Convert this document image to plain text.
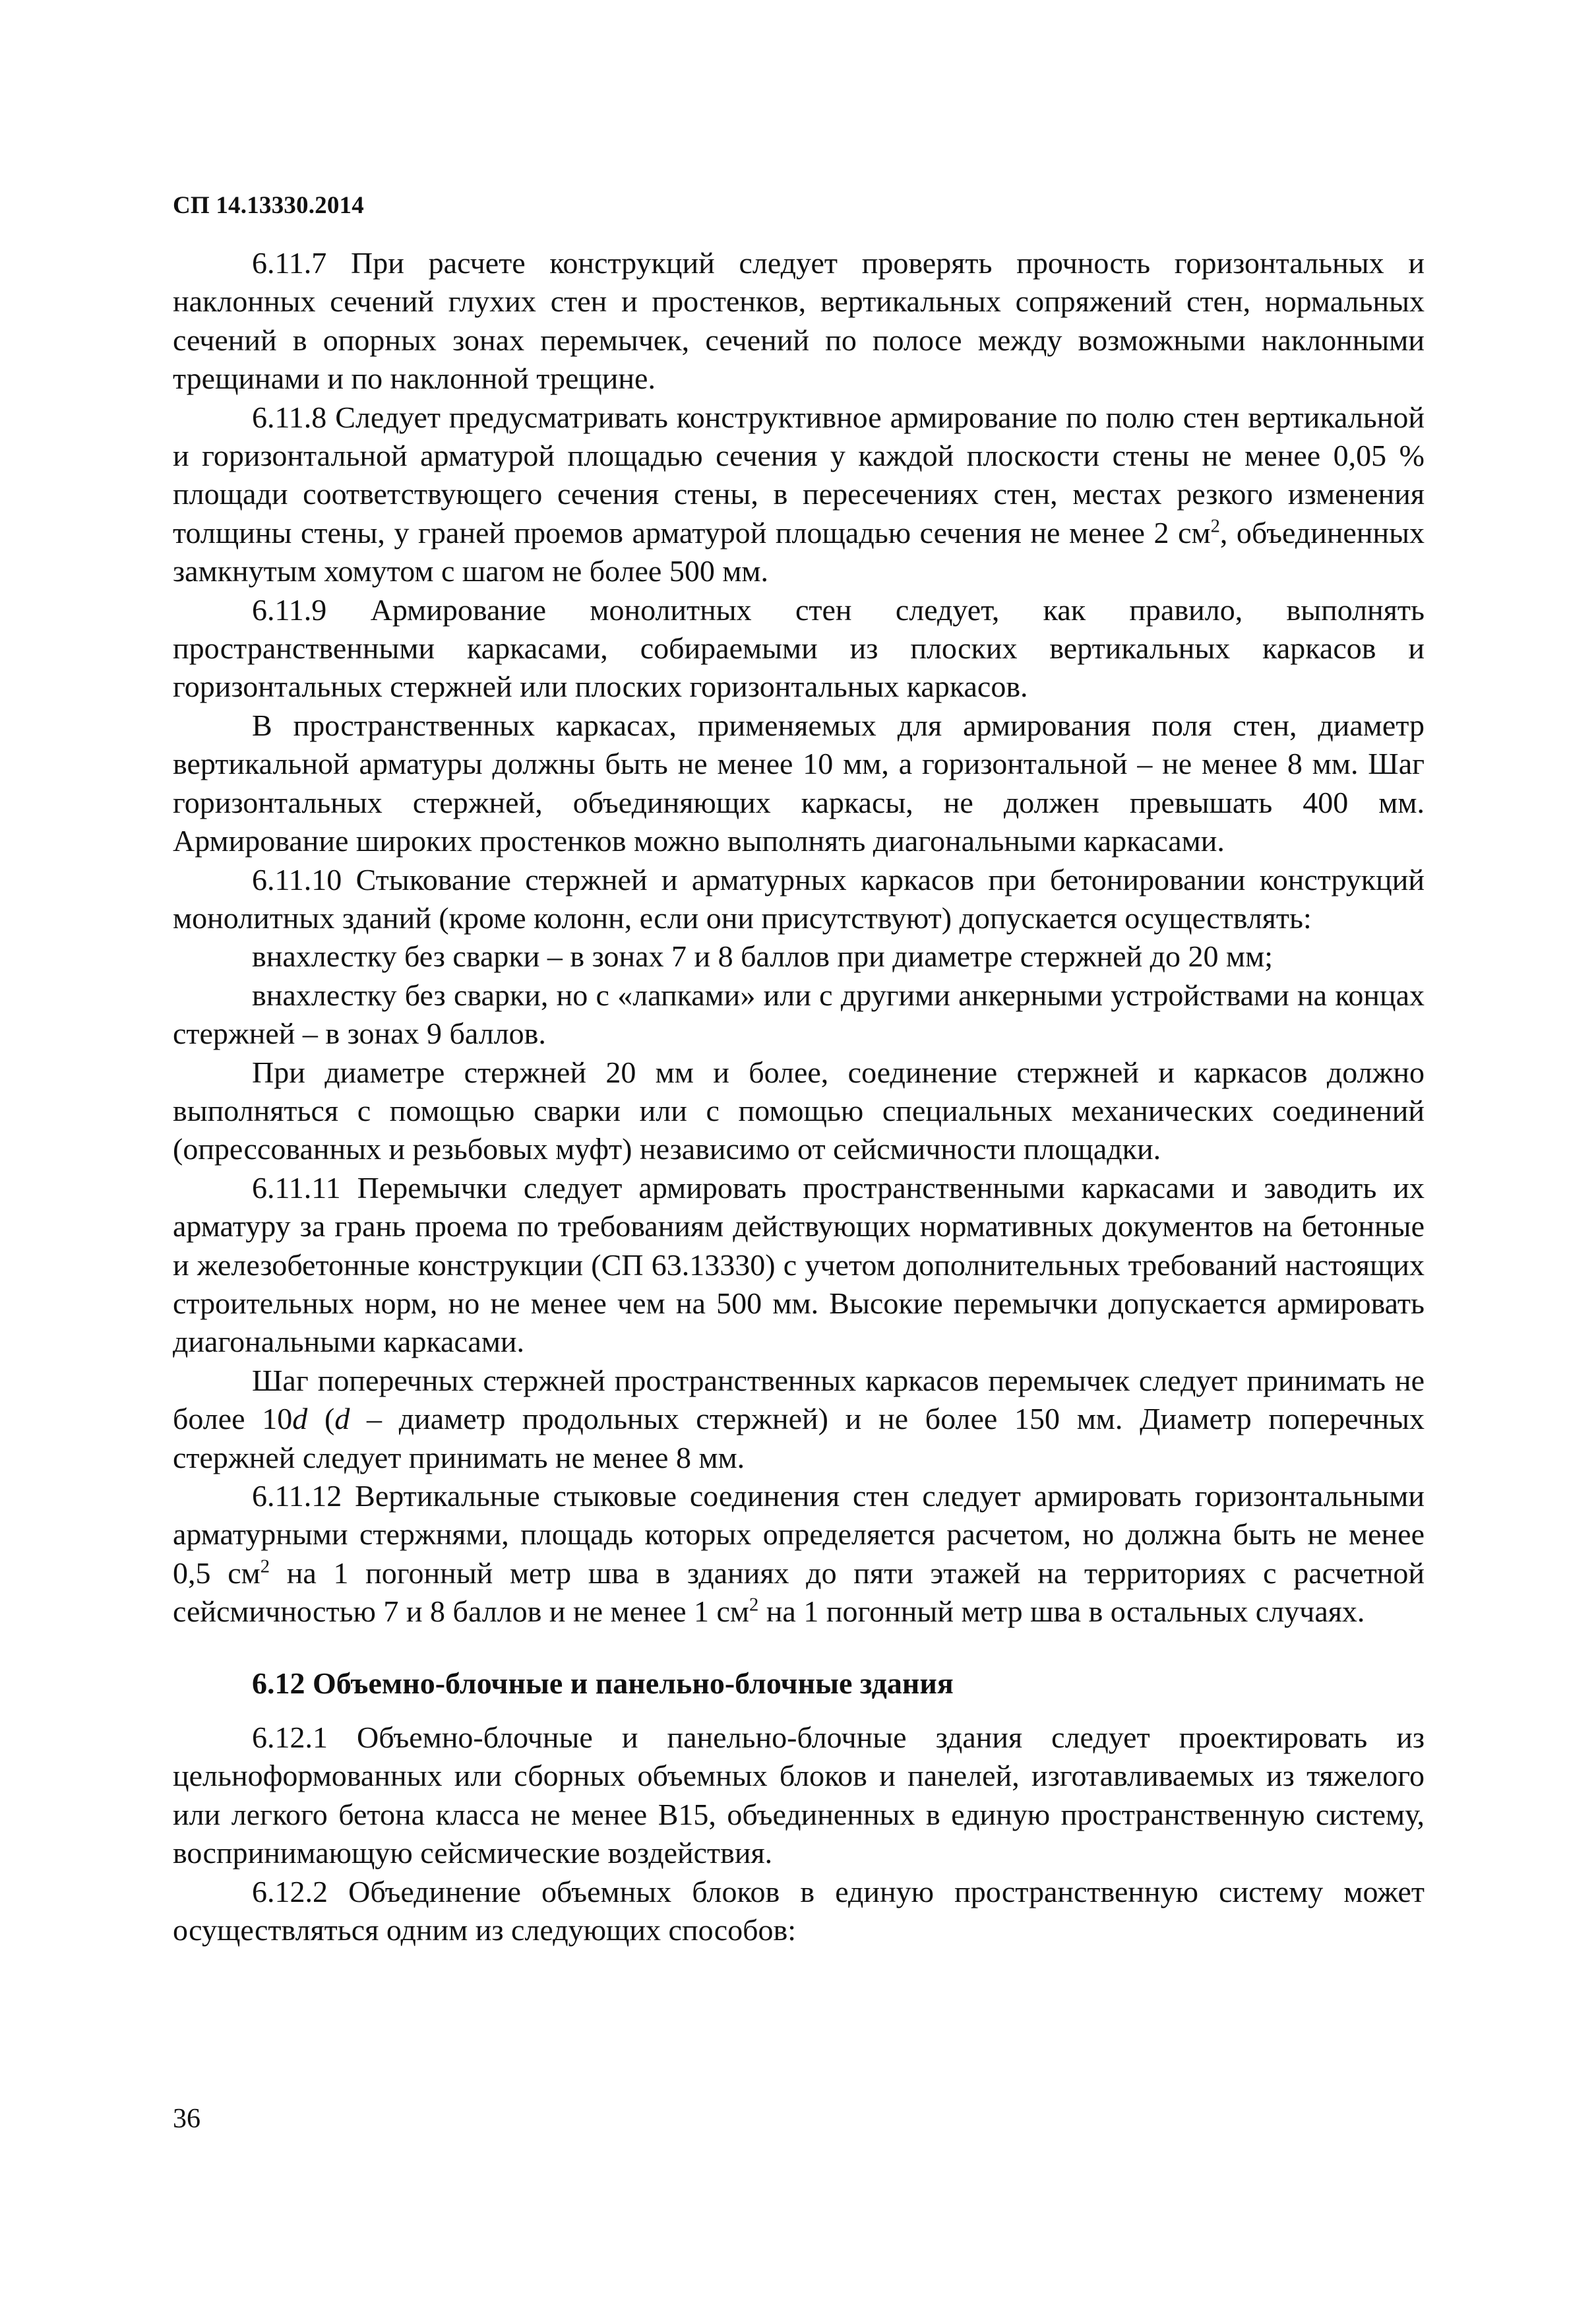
СП 14.13330.2014

6.11.7 При расчете конструкций следует проверять прочность горизонтальных и наклонных сечений глухих стен и простенков, вертикальных сопряжений стен, нормальных сечений в опорных зонах перемычек, сечений по полосе между возможными наклонными трещинами и по наклонной трещине.

6.11.8 Следует предусматривать конструктивное армирование по полю стен вертикальной и горизонтальной арматурой площадью сечения у каждой плоскости стены не менее 0,05 % площади соответствующего сечения стены, в пересечениях стен, местах резкого изменения толщины стены, у граней проемов арматурой площадью сечения не менее 2 $см^2$, объединенных замкнутым хомутом с шагом не более 500 мм.

6.11.9 Армирование монолитных стен следует, как правило, выполнять пространственными каркасами, собираемыми из плоских вертикальных каркасов и горизонтальных стержней или плоских горизонтальных каркасов.

В пространственных каркасах, применяемых для армирования поля стен, диаметр вертикальной арматуры должны быть не менее 10 мм, а горизонтальной – не менее 8 мм. Шаг горизонтальных стержней, объединяющих каркасы, не должен превышать 400 мм. Армирование широких простенков можно выполнять диагональными каркасами.

6.11.10 Стыкование стержней и арматурных каркасов при бетонировании конструкций монолитных зданий (кроме колонн, если они присутствуют) допускается осуществлять:

внахлестку без сварки – в зонах 7 и 8 баллов при диаметре стержней до 20 мм;

внахлестку без сварки, но с «лапками» или с другими анкерными устройствами на концах стержней – в зонах 9 баллов.

При диаметре стержней 20 мм и более, соединение стержней и каркасов должно выполняться с помощью сварки или с помощью специальных механических соединений (опрессованных и резьбовых муфт) независимо от сейсмичности площадки.

6.11.11 Перемычки следует армировать пространственными каркасами и заводить их арматуру за грань проема по требованиям действующих нормативных документов на бетонные и железобетонные конструкции (СП 63.13330) с учетом дополнительных требований настоящих строительных норм, но не менее чем на 500 мм. Высокие перемычки допускается армировать диагональными каркасами.

Шаг поперечных стержней пространственных каркасов перемычек следует принимать не более 10d (d – диаметр продольных стержней) и не более 150 мм. Диаметр поперечных стержней следует принимать не менее 8 мм.

6.11.12 Вертикальные стыковые соединения стен следует армировать горизонтальными арматурными стержнями, площадь которых определяется расчетом, но должна быть не менее 0,5 $см^2$ на 1 погонный метр шва в зданиях до пяти этажей на территориях с расчетной сейсмичностью 7 и 8 баллов и не менее 1 $см^2$ на 1 погонный метр шва в остальных случаях.

6.12 Объемно-блочные и панельно-блочные здания

6.12.1 Объемно-блочные и панельно-блочные здания следует проектировать из цельноформованных или сборных объемных блоков и панелей, изготавливаемых из тяжелого или легкого бетона класса не менее В15, объединенных в единую пространственную систему, воспринимающую сейсмические воздействия.

6.12.2 Объединение объемных блоков в единую пространственную систему может осуществляться одним из следующих способов:

36
